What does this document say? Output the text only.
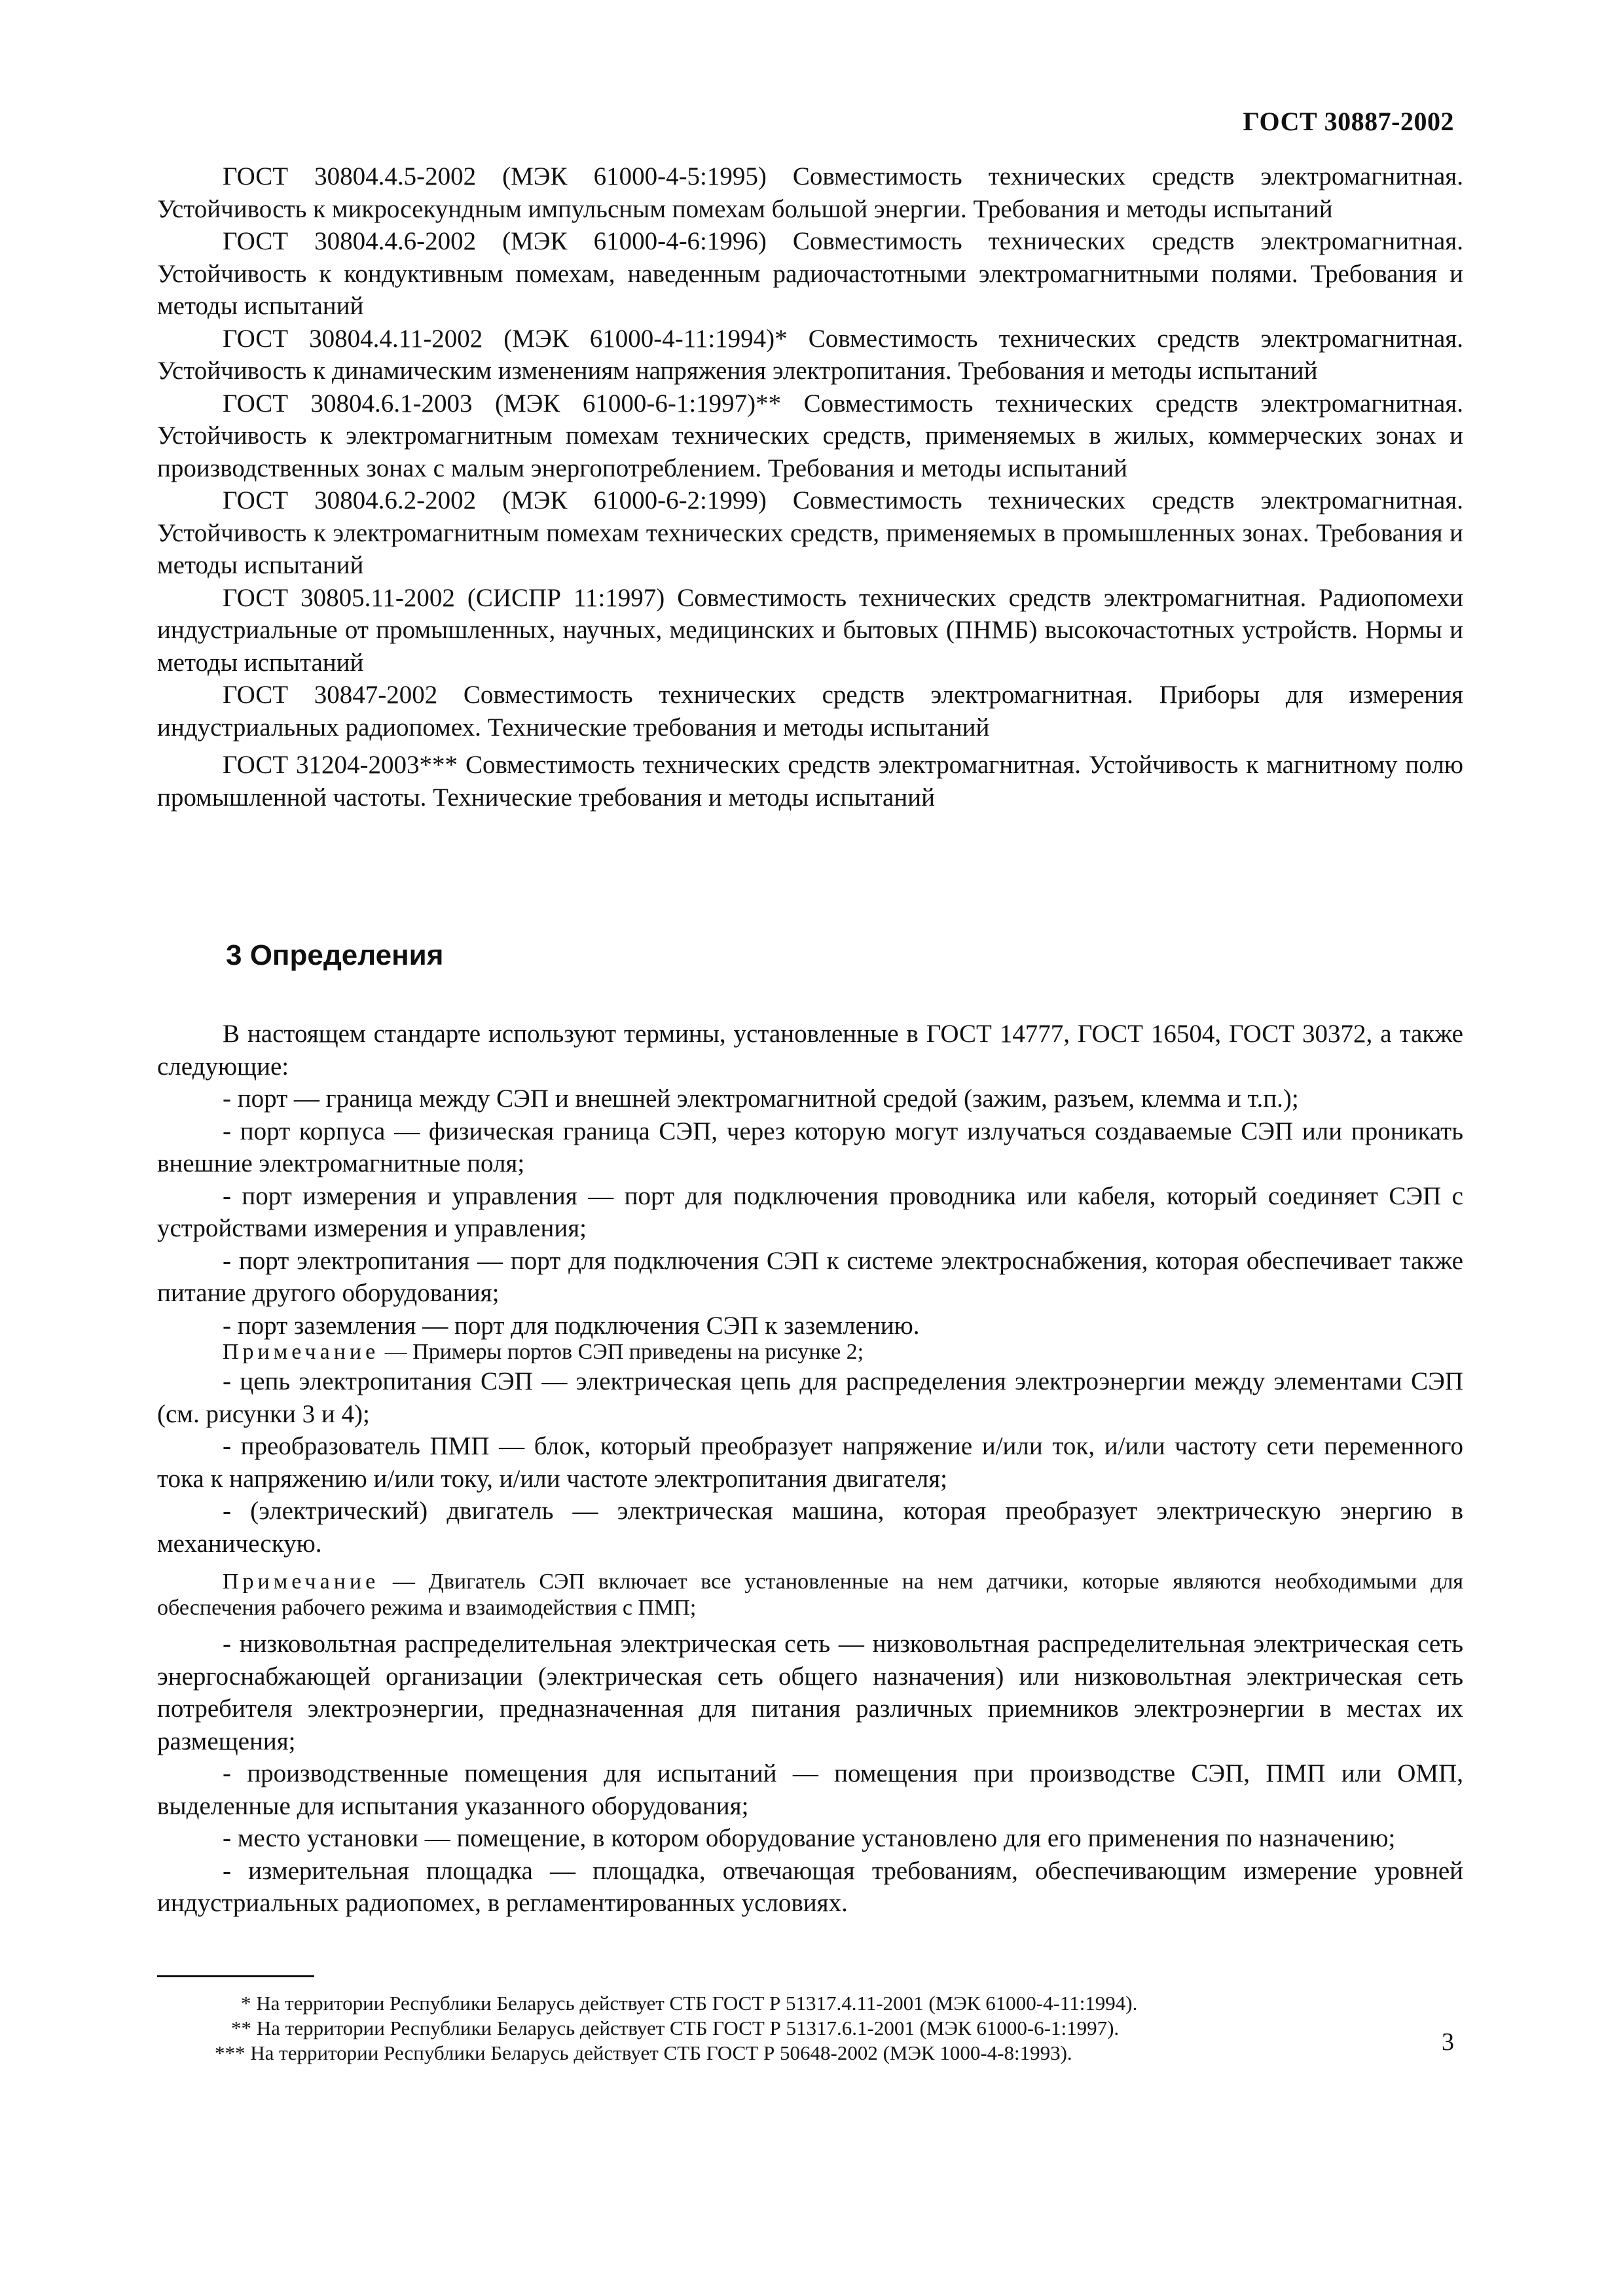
ГОСТ 30887-2002

ГОСТ 30804.4.5-2002 (МЭК 61000-4-5:1995) Совместимость технических средств электромагнитная. Устойчивость к микросекундным импульсным помехам большой энергии. Требования и методы испытаний

ГОСТ 30804.4.6-2002 (МЭК 61000-4-6:1996) Совместимость технических средств электромагнитная. Устойчивость к кондуктивным помехам, наведенным радиочастотными электромагнитными полями. Требования и методы испытаний

ГОСТ 30804.4.11-2002 (МЭК 61000-4-11:1994)* Совместимость технических средств электромагнитная. Устойчивость к динамическим изменениям напряжения электропитания. Требования и методы испытаний

ГОСТ 30804.6.1-2003 (МЭК 61000-6-1:1997)** Совместимость технических средств электромагнитная. Устойчивость к электромагнитным помехам технических средств, применяемых в жилых, коммерческих зонах и производственных зонах с малым энергопотреблением. Требования и методы испытаний

ГОСТ 30804.6.2-2002 (МЭК 61000-6-2:1999) Совместимость технических средств электромагнитная. Устойчивость к электромагнитным помехам технических средств, применяемых в промышленных зонах. Требования и методы испытаний

ГОСТ 30805.11-2002 (СИСПР 11:1997) Совместимость технических средств электромагнитная. Радиопомехи индустриальные от промышленных, научных, медицинских и бытовых (ПНМБ) высокочастотных устройств. Нормы и методы испытаний

ГОСТ 30847-2002 Совместимость технических средств электромагнитная. Приборы для измерения индустриальных радиопомех. Технические требования и методы испытаний

ГОСТ 31204-2003*** Совместимость технических средств электромагнитная. Устойчивость к магнитному полю промышленной частоты. Технические требования и методы испытаний

3 Определения

В настоящем стандарте используют термины, установленные в ГОСТ 14777, ГОСТ 16504, ГОСТ 30372, а также следующие:

- порт — граница между СЭП и внешней электромагнитной средой (зажим, разъем, клемма и т.п.);

- порт корпуса — физическая граница СЭП, через которую могут излучаться создаваемые СЭП или проникать внешние электромагнитные поля;

- порт измерения и управления — порт для подключения проводника или кабеля, который соединяет СЭП с устройствами измерения и управления;

- порт электропитания — порт для подключения СЭП к системе электроснабжения, которая обеспечивает также питание другого оборудования;

- порт заземления — порт для подключения СЭП к заземлению.

Примечание — Примеры портов СЭП приведены на рисунке 2;

- цепь электропитания СЭП — электрическая цепь для распределения электроэнергии между элементами СЭП (см. рисунки 3 и 4);

- преобразователь ПМП — блок, который преобразует напряжение и/или ток, и/или частоту сети переменного тока к напряжению и/или току, и/или частоте электропитания двигателя;

- (электрический) двигатель — электрическая машина, которая преобразует электрическую энергию в механическую.

Примечание — Двигатель СЭП включает все установленные на нем датчики, которые являются необходимыми для обеспечения рабочего режима и взаимодействия с ПМП;

- низковольтная распределительная электрическая сеть — низковольтная распределительная электрическая сеть энергоснабжающей организации (электрическая сеть общего назначения) или низковольтная электрическая сеть потребителя электроэнергии, предназначенная для питания различных приемников электроэнергии в местах их размещения;

- производственные помещения для испытаний — помещения при производстве СЭП, ПМП или ОМП, выделенные для испытания указанного оборудования;

- место установки — помещение, в котором оборудование установлено для его применения по назначению;

- измерительная площадка — площадка, отвечающая требованиям, обеспечивающим измерение уровней индустриальных радиопомех, в регламентированных условиях.

* На территории Республики Беларусь действует СТБ ГОСТ Р 51317.4.11-2001 (МЭК 61000-4-11:1994).

** На территории Республики Беларусь действует СТБ ГОСТ Р 51317.6.1-2001 (МЭК 61000-6-1:1997).

*** На территории Республики Беларусь действует СТБ ГОСТ Р 50648-2002 (МЭК 1000-4-8:1993).	3
